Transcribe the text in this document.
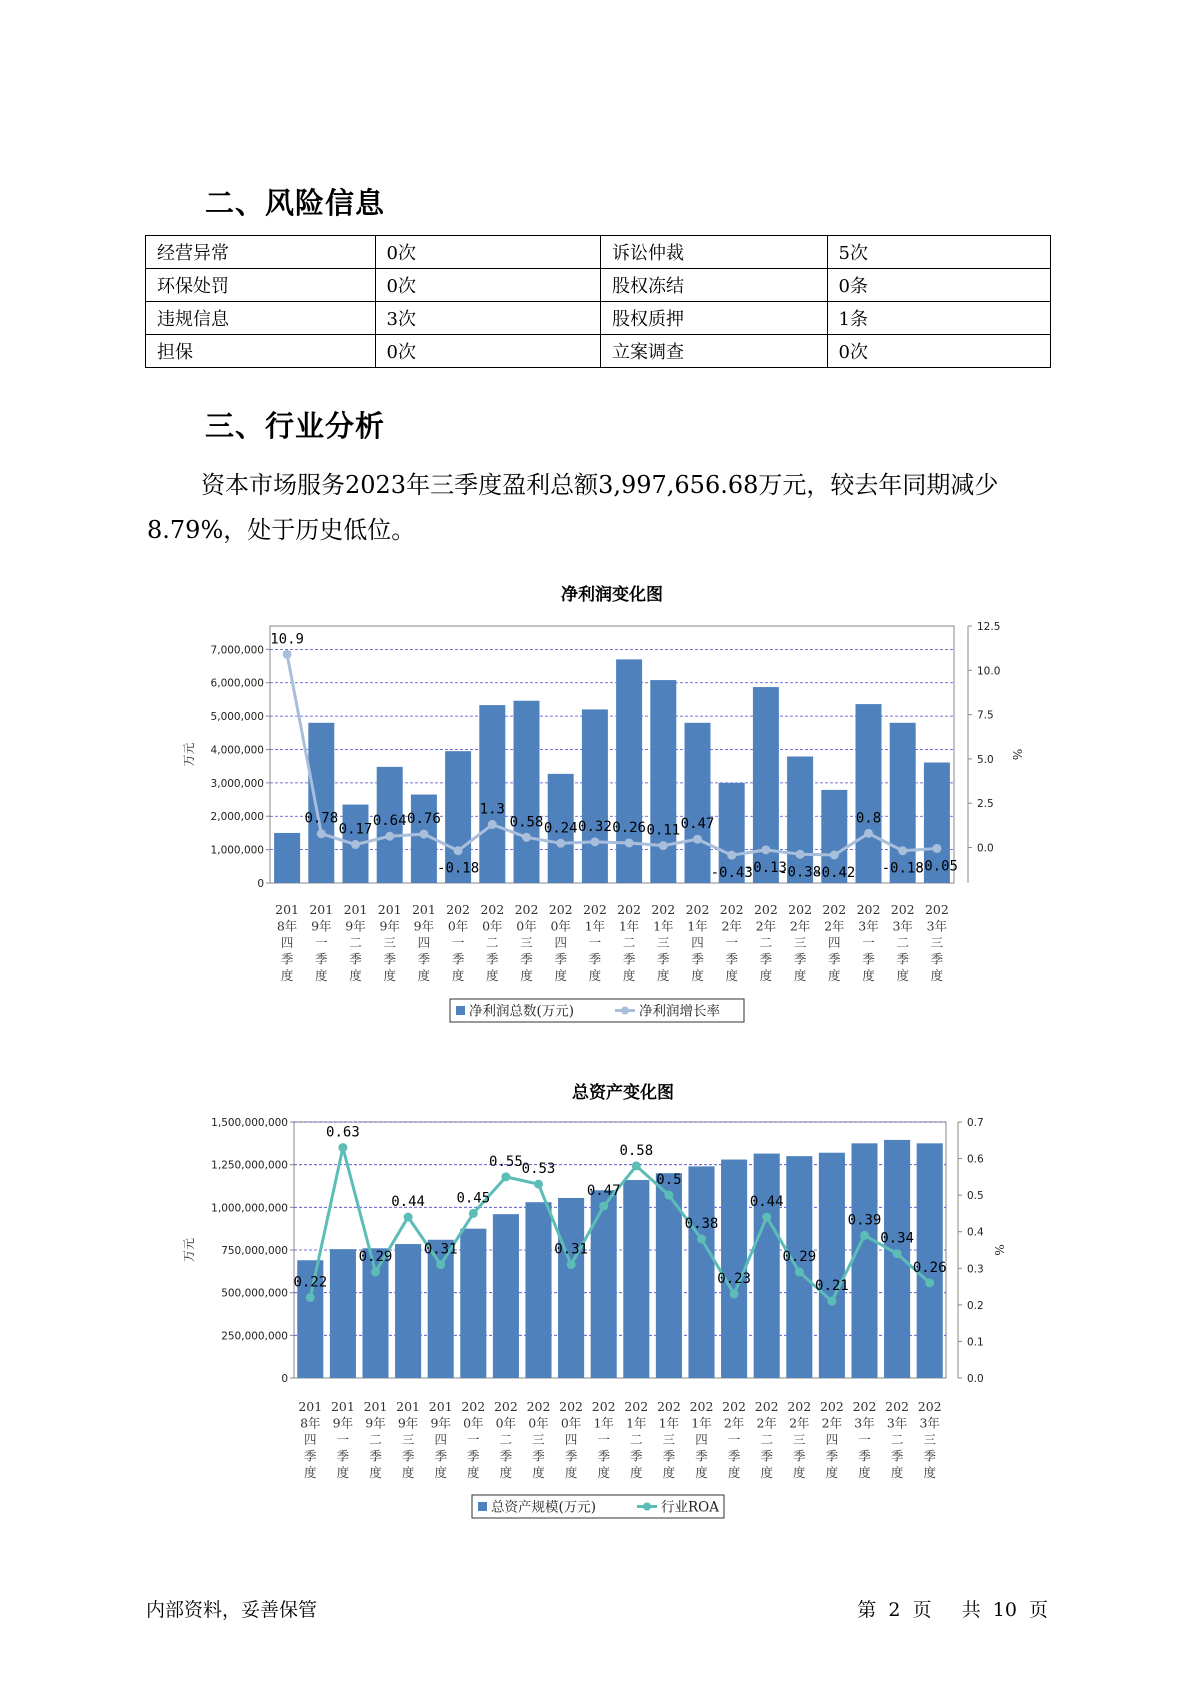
二、风险信息
经营异常	0次	诉讼仲裁	5次
环保处罚	0次	股权冻结	0条
违规信息	3次	股权质押	1条
担保	0次	立案调查	0次
三、行业分析
资本市场服务2023年三季度盈利总额3,997,656.68万元，较去年同期减少8.79%，处于历史低位。
净利润变化图
0
1,000,000
2,000,000
3,000,000
4,000,000
5,000,000
6,000,000
7,000,000
0.0
2.5
5.0
7.5
10.0
12.5
万元	%
201 8年四季度
201 9年一季度
201 9年二季度
201 9年三季度
201 9年四季度
202 0年一季度
202 0年二季度
202 0年三季度
202 0年四季度
202 1年一季度
202 1年二季度
202 1年三季度
202 1年四季度
202 2年一季度
202 2年二季度
202 2年三季度
202 2年四季度
202 3年一季度
202 3年二季度
202 3年三季度
10.9
0.78
0.17
0.64 0.76
-0.18
1.3
0.58 0.24 0.32 0.26 0.11 0.47
-0.43
-0.13
-0.38
-0.42
0.8
-0.18
-0.05
净利润总数(万元)	净利润增长率
总资产变化图
0
250,000,000
500,000,000
750,000,000
1,000,000,000
1,250,000,000
1,500,000,000
0.0
0.1
0.2
0.3
0.4
0.5
0.6
0.7
万元	%
201 8年四季度
201 9年一季度
201 9年二季度
201 9年三季度
201 9年四季度
202 0年一季度
202 0年二季度
202 0年三季度
202 0年四季度
202 1年一季度
202 1年二季度
202 1年三季度
202 1年四季度
202 2年一季度
202 2年二季度
202 2年三季度
202 2年四季度
202 3年一季度
202 3年二季度
202 3年三季度
0.22
0.63
0.29
0.44
0.31
0.45
0.55
0.53
0.31
0.47
0.58
0.5
0.38
0.23
0.44
0.29
0.21
0.39
0.34
0.26
总资产规模(万元)	行业ROA
内部资料，妥善保管	第 2 页 共 10 页
